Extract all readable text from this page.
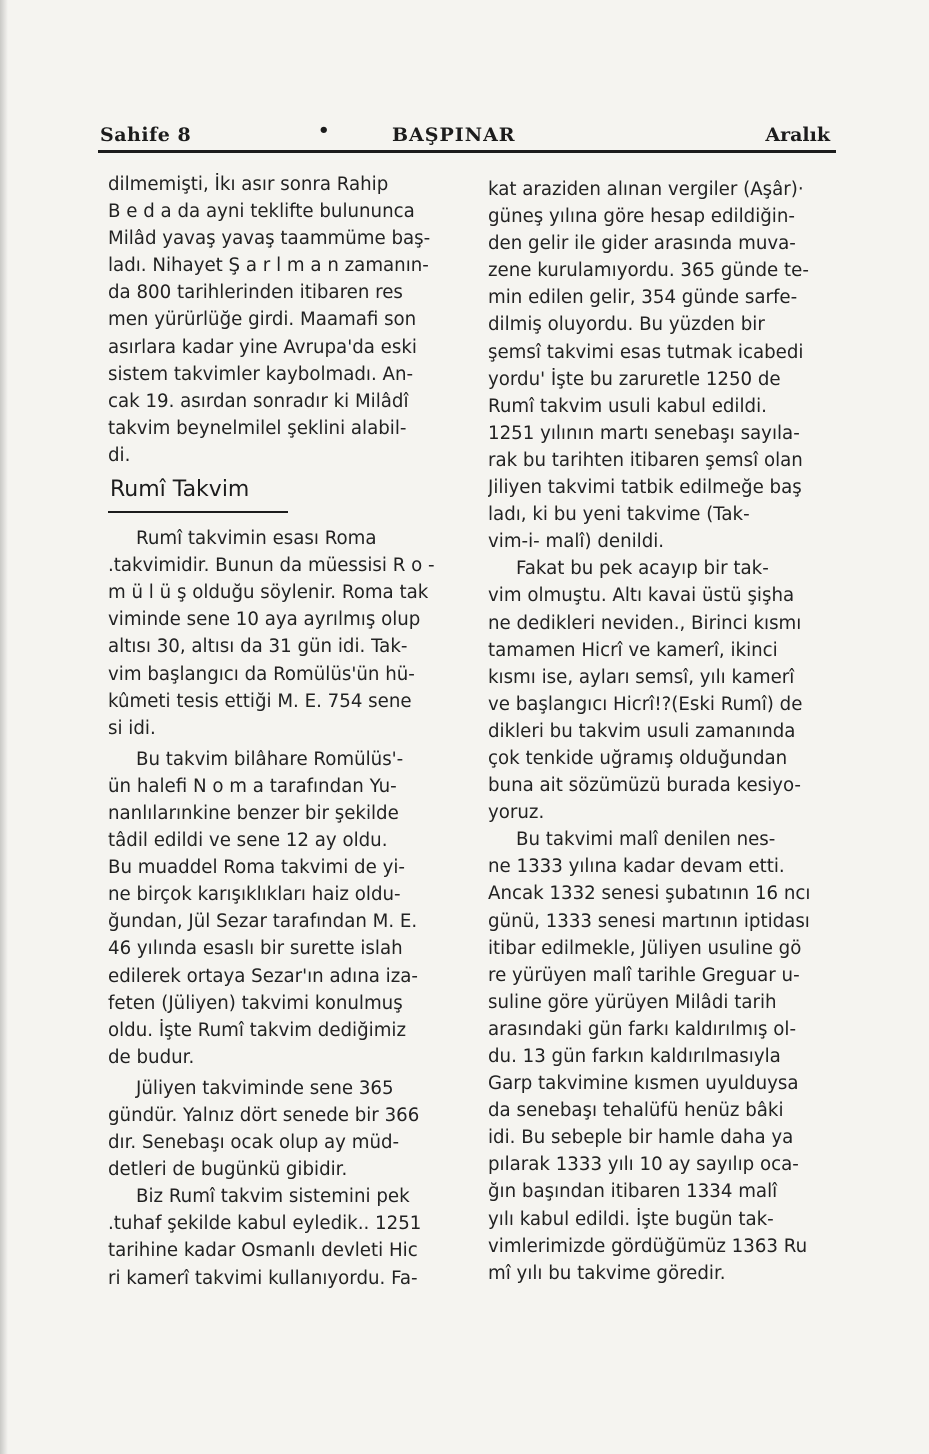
Sahife 8	•	BAŞPINAR	Aralık
dilmemişti, İkı asır sonra Rahip
B e d a da ayni teklifte bulununca
Milâd yavaş yavaş taammüme baş-
ladı. Nihayet Ş a r l m a n zamanın-
da 800 tarihlerinden itibaren res
men yürürlüğe girdi. Maamafi son
asırlara kadar yine Avrupa'da eski
sistem takvimler kaybolmadı. An-
cak 19. asırdan sonradır ki Milâdî
takvim beynelmilel şeklini alabil-
di.
Rumî Takvim
Rumî takvimin esası Roma
.takvimidir. Bunun da müessisi R o -
m ü l ü ş olduğu söylenir. Roma tak
viminde sene 10 aya ayrılmış olup
altısı 30, altısı da 31 gün idi. Tak-
vim başlangıcı da Romülüs'ün hü-
kûmeti tesis ettiği M. E. 754 sene
si idi.
Bu takvim bilâhare Romülüs'-
ün halefi N o m a tarafından Yu-
nanlılarınkine benzer bir şekilde
tâdil edildi ve sene 12 ay oldu.
Bu muaddel Roma takvimi de yi-
ne birçok karışıklıkları haiz oldu-
ğundan, Jül Sezar tarafından M. E.
46 yılında esaslı bir surette islah
edilerek ortaya Sezar'ın adına iza-
feten (Jüliyen) takvimi konulmuş
oldu. İşte Rumî takvim dediğimiz
de budur.
Jüliyen takviminde sene 365
gündür. Yalnız dört senede bir 366
dır. Senebaşı ocak olup ay müd-
detleri de bugünkü gibidir.
Biz Rumî takvim sistemini pek
.tuhaf şekilde kabul eyledik.. 1251
tarihine kadar Osmanlı devleti Hic
ri kamerî takvimi kullanıyordu. Fa-
kat araziden alınan vergiler (Aşâr)·
güneş yılına göre hesap edildiğin-
den gelir ile gider arasında muva-
zene kurulamıyordu. 365 günde te-
min edilen gelir, 354 günde sarfe-
dilmiş oluyordu. Bu yüzden bir
şemsî takvimi esas tutmak icabedi
yordu' İşte bu zaruretle 1250 de
Rumî takvim usuli kabul edildi.
1251 yılının martı senebaşı sayıla-
rak bu tarihten itibaren şemsî olan
Jiliyen takvimi tatbik edilmeğe baş
ladı, ki bu yeni takvime (Tak-
vim-i- malî) denildi.
Fakat bu pek acayıp bir tak-
vim olmuştu. Altı kavai üstü şişha
ne dedikleri neviden., Birinci kısmı
tamamen Hicrî ve kamerî, ikinci
kısmı ise, ayları semsî, yılı kamerî
ve başlangıcı Hicrî!?(Eski Rumî) de
dikleri bu takvim usuli zamanında
çok tenkide uğramış olduğundan
buna ait sözümüzü burada kesiyo-
yoruz.
Bu takvimi malî denilen nes-
ne 1333 yılına kadar devam etti.
Ancak 1332 senesi şubatının 16 ncı
günü, 1333 senesi martının iptidası
itibar edilmekle, Jüliyen usuline gö
re yürüyen malî tarihle Greguar u-
suline göre yürüyen Milâdi tarih
arasındaki gün farkı kaldırılmış ol-
du. 13 gün farkın kaldırılmasıyla
Garp takvimine kısmen uyulduysa
da senebaşı tehalüfü henüz bâki
idi. Bu sebeple bir hamle daha ya
pılarak 1333 yılı 10 ay sayılıp oca-
ğın başından itibaren 1334 malî
yılı kabul edildi. İşte bugün tak-
vimlerimizde gördüğümüz 1363 Ru
mî yılı bu takvime göredir.
